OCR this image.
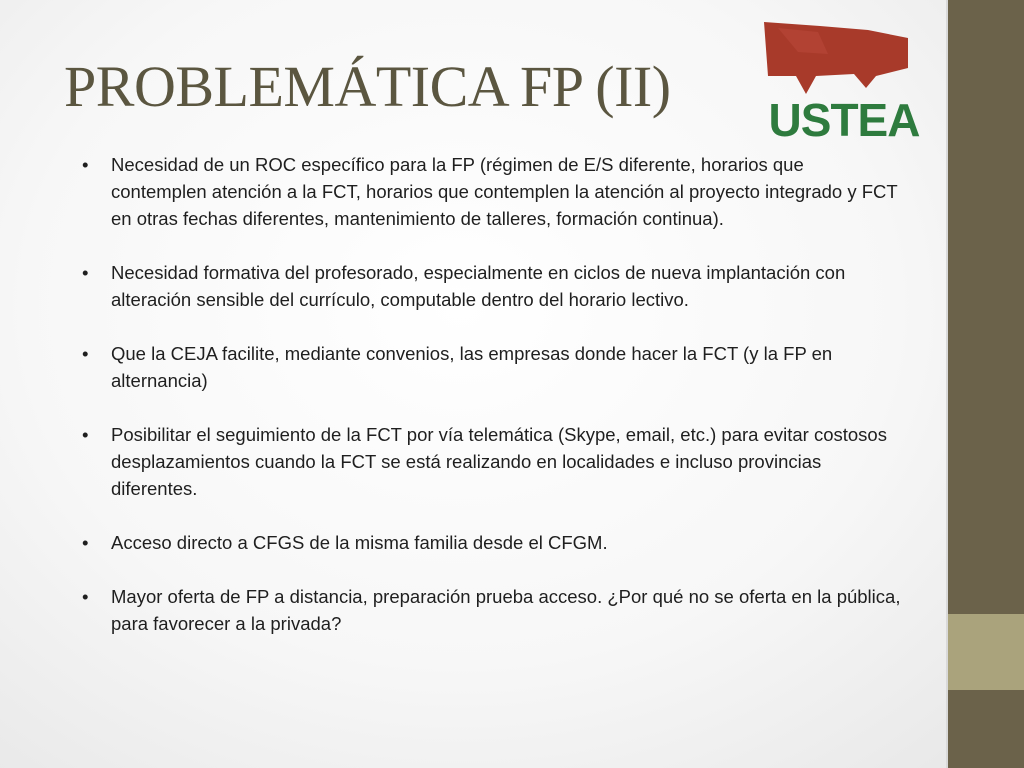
PROBLEMÁTICA FP (II)
USTEA
• Necesidad de un ROC específico para la FP (régimen de E/S diferente, horarios que contemplen atención a la FCT, horarios que contemplen la atención al proyecto integrado y FCT en otras fechas diferentes, mantenimiento de talleres, formación continua).
• Necesidad formativa del profesorado, especialmente en ciclos de nueva implantación con alteración sensible del currículo, computable dentro del horario lectivo.
• Que la CEJA facilite, mediante convenios, las empresas donde hacer la FCT (y la FP en alternancia)
• Posibilitar el seguimiento de la FCT por vía telemática (Skype, email, etc.) para evitar costosos desplazamientos cuando la FCT se está realizando en localidades e incluso provincias diferentes.
• Acceso directo a CFGS de la misma familia desde el CFGM.
• Mayor oferta de FP a distancia, preparación prueba acceso. ¿Por qué no se oferta en la pública, para favorecer a la privada?
